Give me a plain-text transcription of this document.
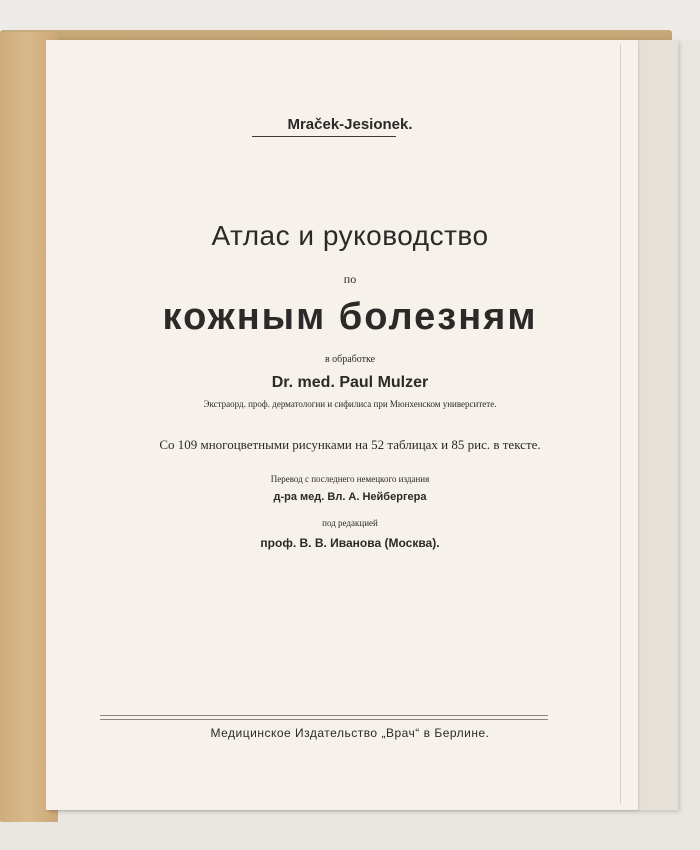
Mraček-Jesionek.
Атлас и руководство
по
кожным болезням
в обработке
Dr. med. Paul Mulzer
Экстраорд. проф. дерматологии и сифилиса при Мюнхенском университете.
Со 109 многоцветными рисунками на 52 таблицах и 85 рис. в тексте.
Перевод с последнего немецкого издания
д-ра мед. Вл. А. Нейбергера
под редакцией
проф. В. В. Иванова (Москва).
Медицинское Издательство „Врач“ в Берлине.
